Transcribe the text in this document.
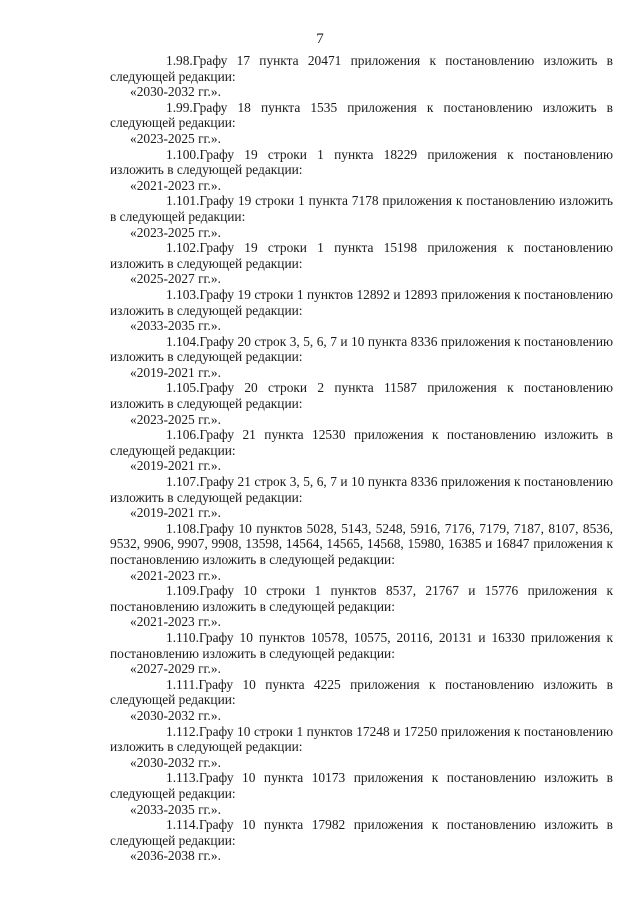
7

1.98.Графу 17 пункта 20471 приложения к постановлению изложить в следующей редакции:

«2030-2032 гг.».

1.99.Графу 18 пункта 1535 приложения к постановлению изложить в следующей редакции:

«2023-2025 гг.».

1.100.Графу 19 строки 1 пункта 18229 приложения к постановлению изложить в следующей редакции:

«2021-2023 гг.».

1.101.Графу 19 строки 1 пункта 7178 приложения к постановлению изложить в следующей редакции:

«2023-2025 гг.».

1.102.Графу 19 строки 1 пункта 15198 приложения к постановлению изложить в следующей редакции:

«2025-2027 гг.».

1.103.Графу 19 строки 1 пунктов 12892 и 12893 приложения к постановлению изложить в следующей редакции:

«2033-2035 гг.».

1.104.Графу 20 строк 3, 5, 6, 7 и 10 пункта 8336 приложения к постановлению изложить в следующей редакции:

«2019-2021 гг.».

1.105.Графу 20 строки 2 пункта 11587 приложения к постановлению изложить в следующей редакции:

«2023-2025 гг.».

1.106.Графу 21 пункта 12530 приложения к постановлению изложить в следующей редакции:

«2019-2021 гг.».

1.107.Графу 21 строк 3, 5, 6, 7 и 10 пункта 8336 приложения к постановлению изложить в следующей редакции:

«2019-2021 гг.».

1.108.Графу 10 пунктов 5028, 5143, 5248, 5916, 7176, 7179, 7187, 8107, 8536, 9532, 9906, 9907, 9908, 13598, 14564, 14565, 14568, 15980, 16385 и 16847 приложения к постановлению изложить в следующей редакции:

«2021-2023 гг.».

1.109.Графу 10 строки 1 пунктов 8537, 21767 и 15776 приложения к постановлению изложить в следующей редакции:

«2021-2023 гг.».

1.110.Графу 10 пунктов 10578, 10575, 20116, 20131 и 16330 приложения к постановлению изложить в следующей редакции:

«2027-2029 гг.».

1.111.Графу 10 пункта 4225 приложения к постановлению изложить в следующей редакции:

«2030-2032 гг.».

1.112.Графу 10 строки 1 пунктов 17248 и 17250 приложения к постановлению изложить в следующей редакции:

«2030-2032 гг.».

1.113.Графу 10 пункта 10173 приложения к постановлению изложить в следующей редакции:

«2033-2035 гг.».

1.114.Графу 10 пункта 17982 приложения к постановлению изложить в следующей редакции:

«2036-2038 гг.».
